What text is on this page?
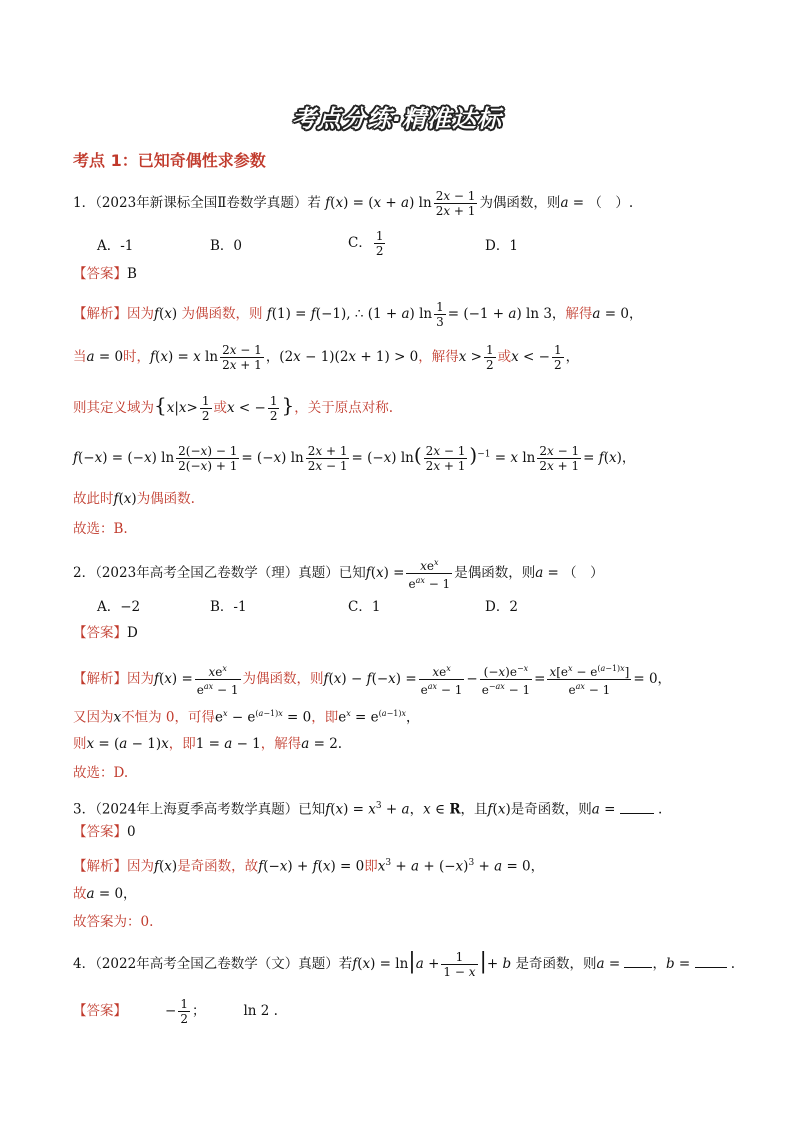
考点分练·精准达标
考点 1：已知奇偶性求参数
1．（2023年新课标全国Ⅱ卷数学真题）若 f(x) = (x + a) $\ln \frac{2x - 1}{2x + 1}$ 为偶函数，则a = （　）.
A．-1	B．0	C． $\frac{1}{2}$	D．1
【答案】B
【解析】因为f(x) 为偶函数，则 f(1) = f(−1), ∴ (1 + a) $\ln \frac{1}{3} = (-1 + a)$ ln 3，解得a = 0，
当a = 0时，f(x) = x $\ln \frac{2x - 1}{2x + 1}$ ，(2x − 1)(2x + 1) > 0，解得$x > \frac{1}{2}$ 或x < − $\frac{1}{2}$ ，
则其定义域为{$x|x> \frac{1}{2}$ 或x < − $\frac{1}{2}$ }，关于原点对称.
f(−x) = (−x) $\ln \frac{2(-x) - 1}{2(-x) + 1} = (-x)$ $\ln \frac{2x + 1}{2x - 1} = (-x)$ $\ln( \frac{2x - 1}{2x + 1} )^{-1} = x$ $\ln \frac{2x - 1}{2x + 1} = f(x)$，
故此时f(x)为偶函数.
故选：B.
2．（2023年高考全国乙卷数学（理）真题）已知$f(x) = \frac{xe^x}{e^{ax} - 1}$ 是偶函数，则a = （　）
A．−2	B．-1	C．1	D．2
【答案】D
【解析】因为$f(x) = \frac{xe^x}{e^{ax} - 1}$ 为偶函数，则$f(x) - f(-x) = \frac{xe^x}{e^{ax} - 1} - \frac{(-x)e^{-x}}{e^{-ax} - 1} = \frac{x[e^x - e^{(a-1)x}]}{e^{ax} - 1} = 0$，
又因为x不恒为 0，可得$e^x - e^{(a-1)x} = 0$，即$e^x = e^{(a-1)x}$，
则x = (a − 1)x，即1 = a − 1，解得a = 2.
故选：D.
3．（2024年上海夏季高考数学真题）已知$f(x) = x^3 + a$，x ∈ R，且f(x)是奇函数，则a =	.
【答案】0
【解析】因为f(x)是奇函数，故f(−x) + f(x) = 0即$x^3 + a + (-x)^3 + a = 0$，
故a = 0，
故答案为：0.
4．（2022年高考全国乙卷数学（文）真题）若$f(x) = \ln|a + \frac{1}{1 - x}$ |+ b 是奇函数，则a = ，b =  .
【答案】	− $\frac{1}{2}$ ；	ln 2 .
